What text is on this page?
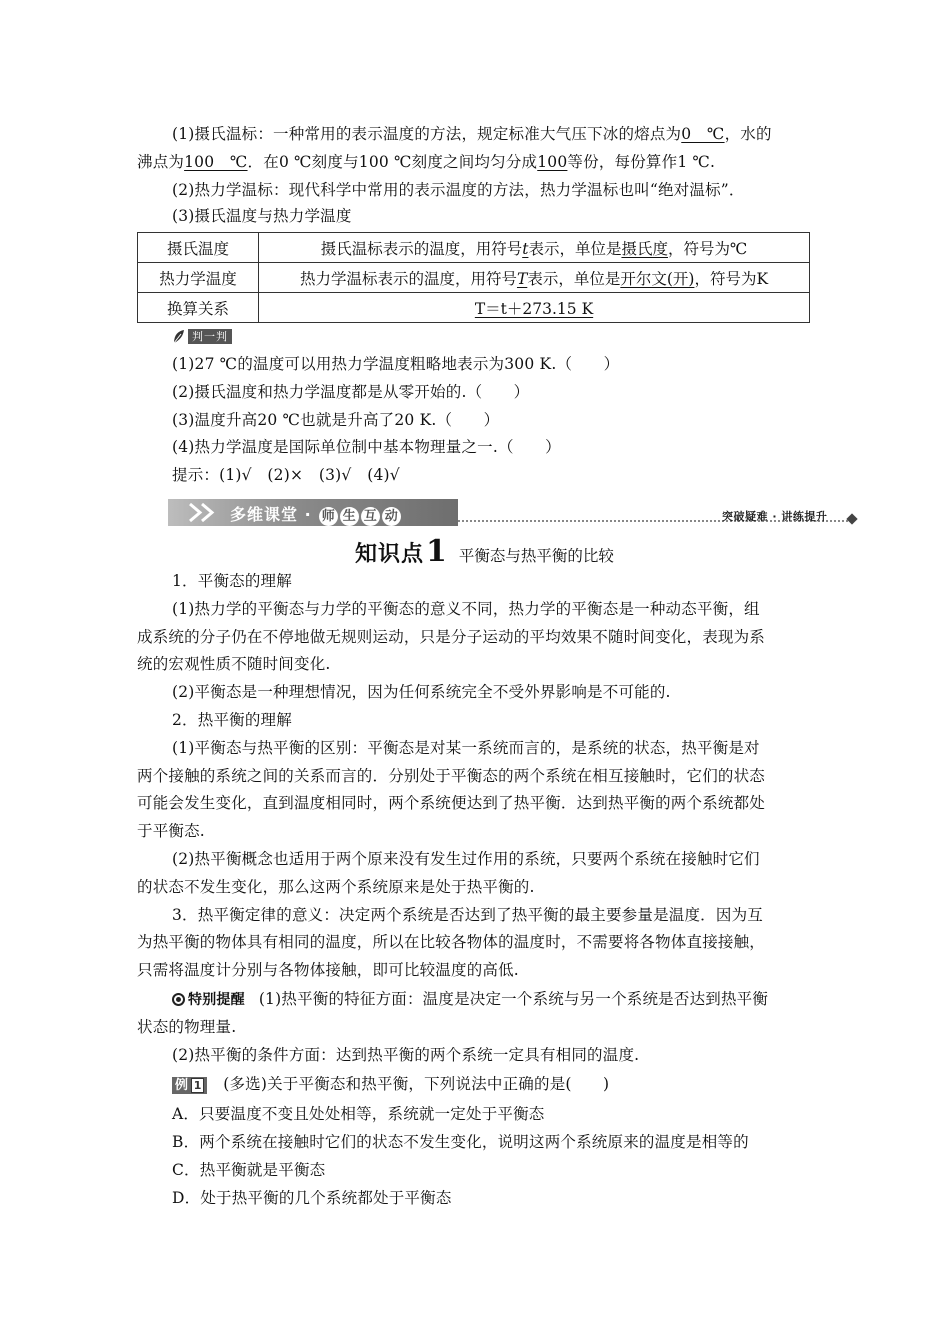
(1)摄氏温标：一种常用的表示温度的方法，规定标准大气压下冰的熔点为0　℃，水的
沸点为100　℃．在0 ℃刻度与100 ℃刻度之间均匀分成100等份，每份算作1 ℃.
(2)热力学温标：现代科学中常用的表示温度的方法，热力学温标也叫“绝对温标”．
(3)摄氏温度与热力学温度
摄氏温度	摄氏温标表示的温度，用符号t表示，单位是摄氏度，符号为℃
热力学温度	热力学温标表示的温度，用符号T表示，单位是开尔文(开)，符号为K
换算关系	T＝t＋273.15 K
判一判
(1)27 ℃的温度可以用热力学温度粗略地表示为300 K.（　　）
(2)摄氏温度和热力学温度都是从零开始的.（　　）
(3)温度升高20 ℃也就是升高了20 K.（　　）
(4)热力学温度是国际单位制中基本物理量之一.（　　）
提示：(1)√　(2)×　(3)√　(4)√
多维课堂 · 师 生 互 动	突破疑难 · 讲练提升
知识点 1 平衡态与热平衡的比较
1．平衡态的理解
(1)热力学的平衡态与力学的平衡态的意义不同，热力学的平衡态是一种动态平衡，组
成系统的分子仍在不停地做无规则运动，只是分子运动的平均效果不随时间变化，表现为系
统的宏观性质不随时间变化.
(2)平衡态是一种理想情况，因为任何系统完全不受外界影响是不可能的.
2．热平衡的理解
(1)平衡态与热平衡的区别：平衡态是对某一系统而言的，是系统的状态，热平衡是对
两个接触的系统之间的关系而言的．分别处于平衡态的两个系统在相互接触时，它们的状态
可能会发生变化，直到温度相同时，两个系统便达到了热平衡．达到热平衡的两个系统都处
于平衡态.
(2)热平衡概念也适用于两个原来没有发生过作用的系统，只要两个系统在接触时它们
的状态不发生变化，那么这两个系统原来是处于热平衡的.
3．热平衡定律的意义：决定两个系统是否达到了热平衡的最主要参量是温度．因为互
为热平衡的物体具有相同的温度，所以在比较各物体的温度时，不需要将各物体直接接触，
只需将温度计分别与各物体接触，即可比较温度的高低.
特别提醒 (1)热平衡的特征方面：温度是决定一个系统与另一个系统是否达到热平衡
状态的物理量.
(2)热平衡的条件方面：达到热平衡的两个系统一定具有相同的温度.
例 1 (多选)关于平衡态和热平衡，下列说法中正确的是(　　)
A．只要温度不变且处处相等，系统就一定处于平衡态
B．两个系统在接触时它们的状态不发生变化，说明这两个系统原来的温度是相等的
C．热平衡就是平衡态
D．处于热平衡的几个系统都处于平衡态
